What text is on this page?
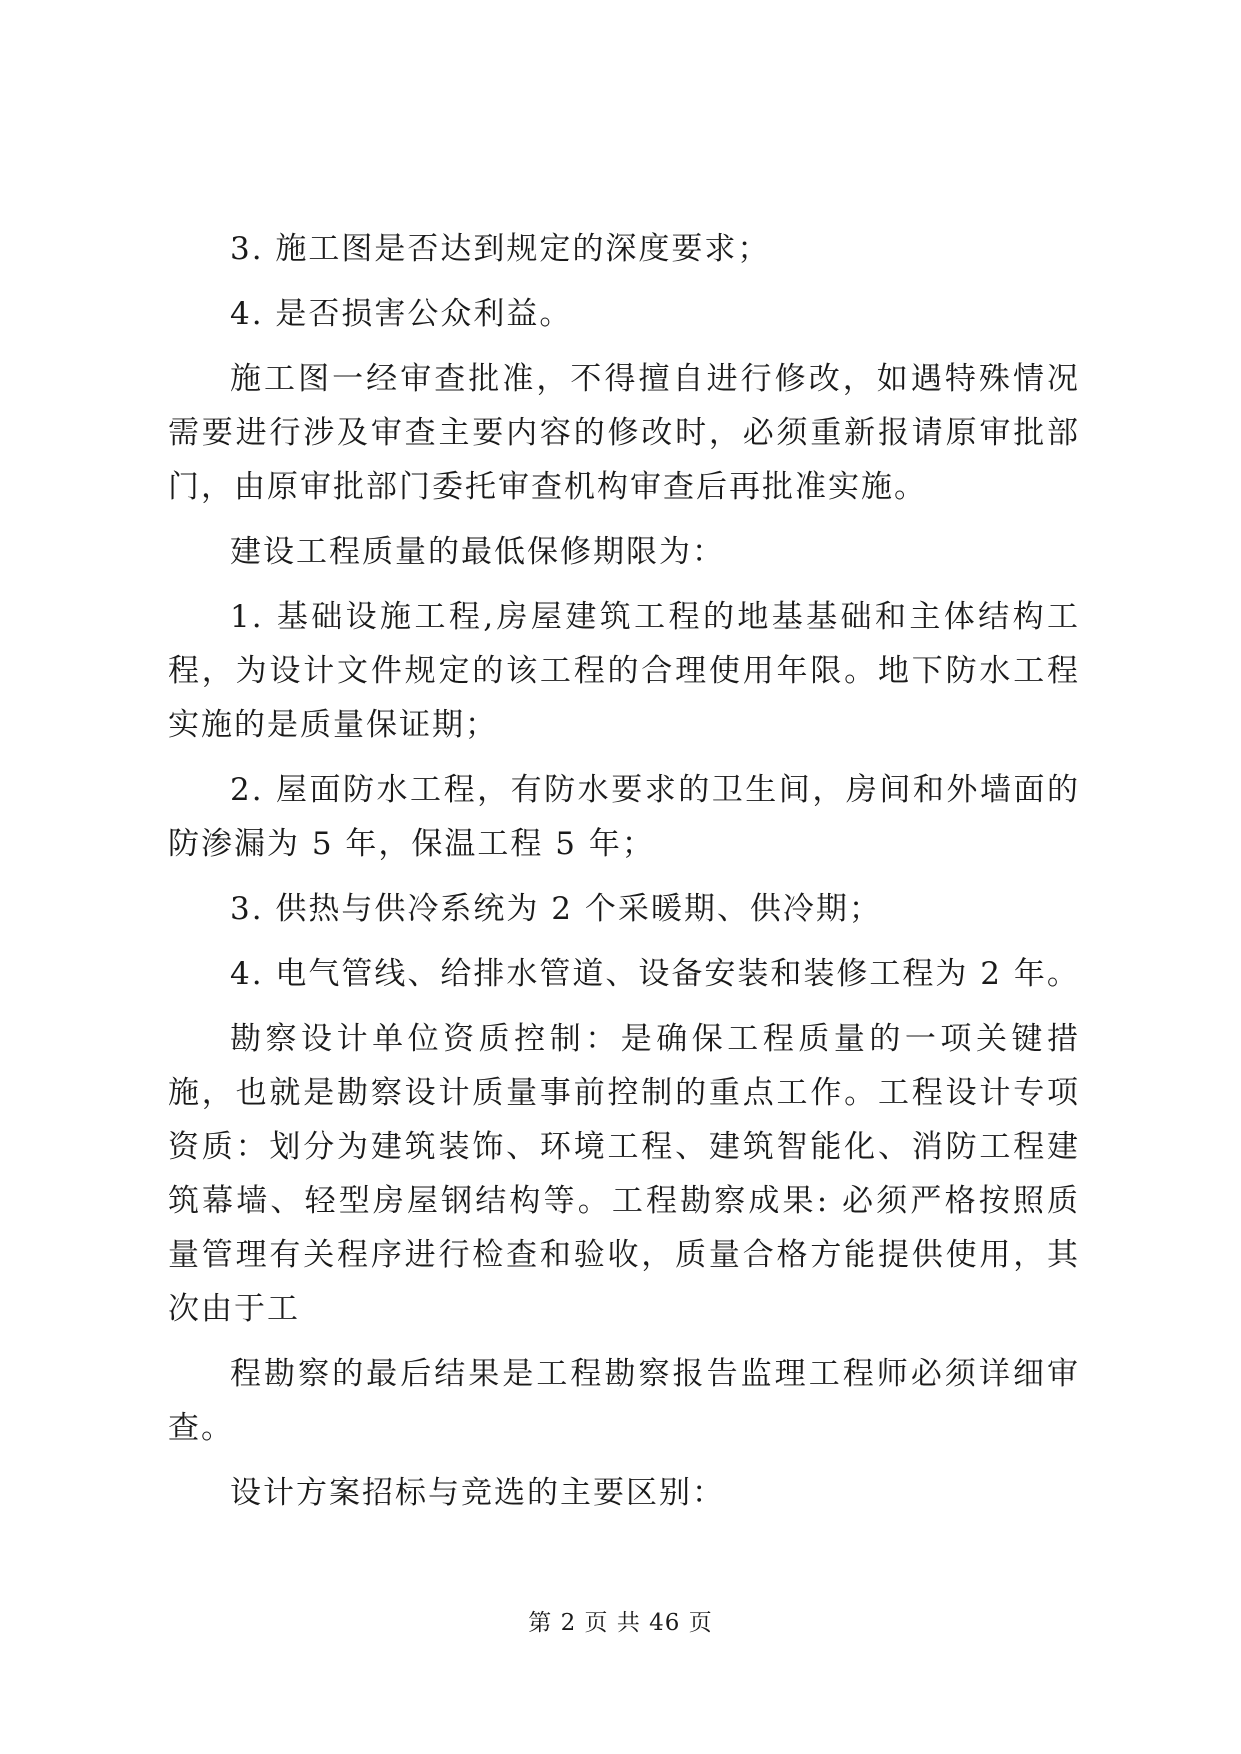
3. 施工图是否达到规定的深度要求；

4. 是否损害公众利益。

施工图一经审查批准，不得擅自进行修改，如遇特殊情况需要进行涉及审查主要内容的修改时，必须重新报请原审批部门，由原审批部门委托审查机构审查后再批准实施。

建设工程质量的最低保修期限为：

1. 基础设施工程,房屋建筑工程的地基基础和主体结构工程，为设计文件规定的该工程的合理使用年限。地下防水工程实施的是质量保证期；

2. 屋面防水工程，有防水要求的卫生间，房间和外墙面的防渗漏为 5 年，保温工程 5 年；

3. 供热与供冷系统为 2 个采暖期、供冷期；

4. 电气管线、给排水管道、设备安装和装修工程为 2 年。

勘察设计单位资质控制：是确保工程质量的一项关键措施，也就是勘察设计质量事前控制的重点工作。工程设计专项资质：划分为建筑装饰、环境工程、建筑智能化、消防工程建筑幕墙、轻型房屋钢结构等。工程勘察成果: 必须严格按照质量管理有关程序进行检查和验收，质量合格方能提供使用，其次由于工

程勘察的最后结果是工程勘察报告监理工程师必须详细审查。

设计方案招标与竞选的主要区别：

第 2 页 共 46 页
